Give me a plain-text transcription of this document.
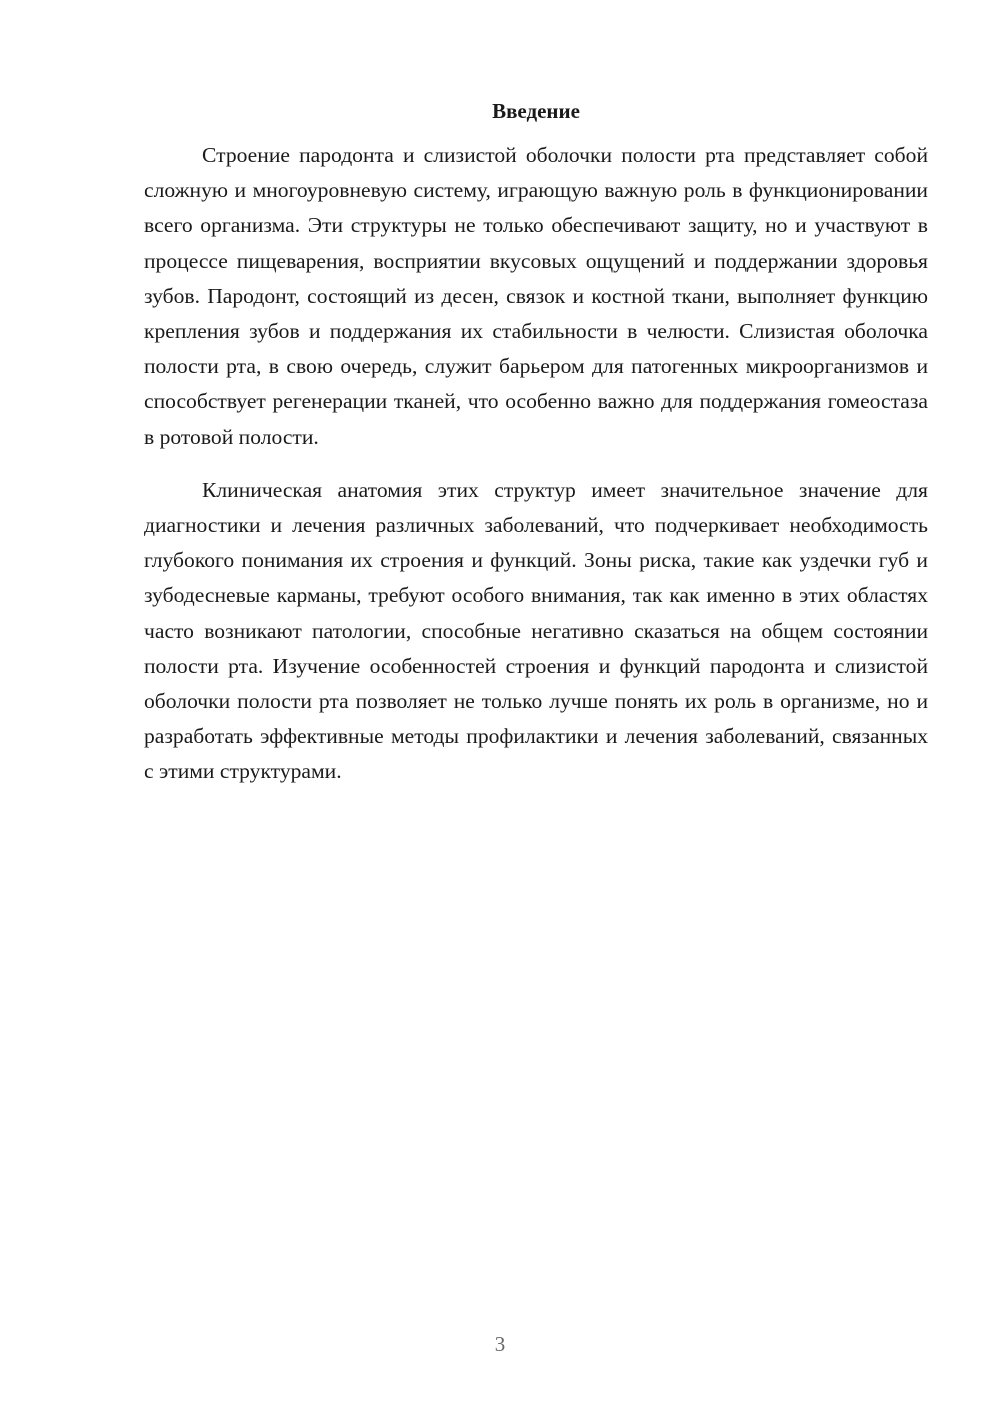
Введение

Строение пародонта и слизистой оболочки полости рта представляет собой сложную и многоуровневую систему, играющую важную роль в функционировании всего организма. Эти структуры не только обеспечивают защиту, но и участвуют в процессе пищеварения, восприятии вкусовых ощущений и поддержании здоровья зубов. Пародонт, состоящий из десен, связок и костной ткани, выполняет функцию крепления зубов и поддержания их стабильности в челюсти. Слизистая оболочка полости рта, в свою очередь, служит барьером для патогенных микроорганизмов и способствует регенерации тканей, что особенно важно для поддержания гомеостаза в ротовой полости.

Клиническая анатомия этих структур имеет значительное значение для диагностики и лечения различных заболеваний, что подчеркивает необходимость глубокого понимания их строения и функций. Зоны риска, такие как уздечки губ и зубодесневые карманы, требуют особого внимания, так как именно в этих областях часто возникают патологии, способные негативно сказаться на общем состоянии полости рта. Изучение особенностей строения и функций пародонта и слизистой оболочки полости рта позволяет не только лучше понять их роль в организме, но и разработать эффективные методы профилактики и лечения заболеваний, связанных с этими структурами.

3
